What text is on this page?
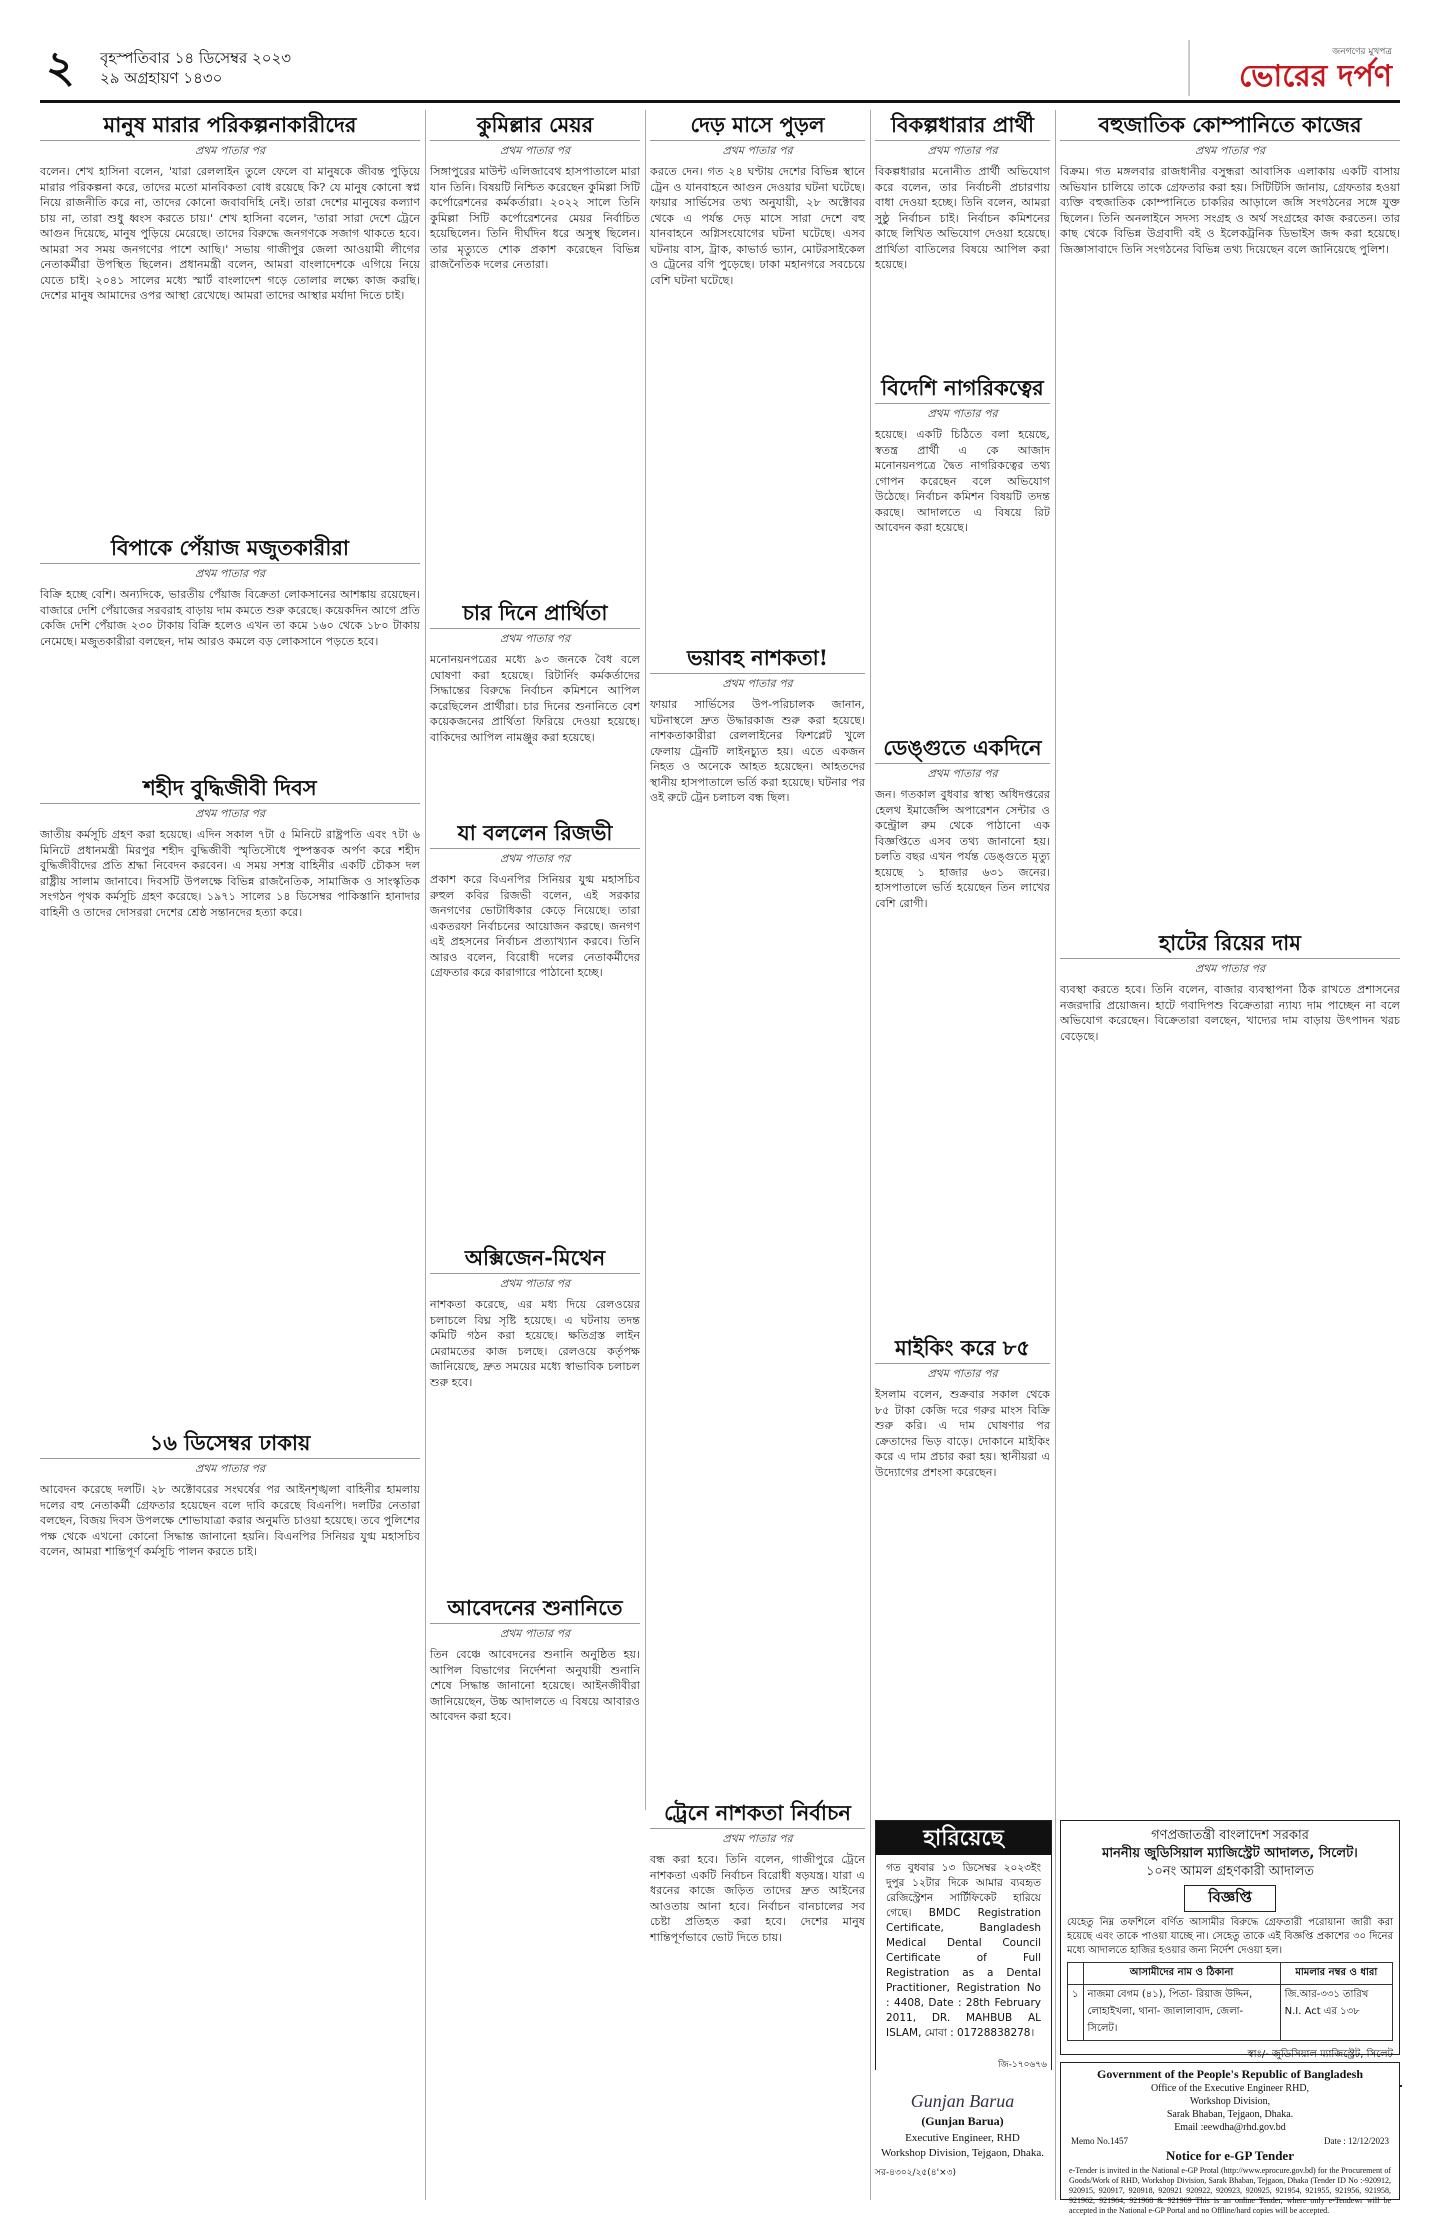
২ বৃহস্পতিবার ১৪ ডিসেম্বর ২০২৩
২৯ অগ্রহায়ণ ১৪৩০
জনগণের মুখপত্র
ভোরের দর্পণ
মানুষ মারার পরিকল্পনাকারীদের
প্রথম পাতার পর

বলেন। শেখ হাসিনা বলেন, 'যারা রেললাইন তুলে ফেলে বা মানুষকে জীবন্ত পুড়িয়ে মারার পরিকল্পনা করে, তাদের মতো মানবিকতা বোধ রয়েছে কি? যে মানুষ কোনো স্বপ্ন নিয়ে রাজনীতি করে না, তাদের কোনো জবাবদিহি নেই। তারা দেশের মানুষের কল্যাণ চায় না, তারা শুধু ধ্বংস করতে চায়।' শেখ হাসিনা বলেন, 'তারা সারা দেশে ট্রেনে আগুন দিয়েছে, মানুষ পুড়িয়ে মেরেছে। তাদের বিরুদ্ধে জনগণকে সজাগ থাকতে হবে। আমরা সব সময় জনগণের পাশে আছি।' সভায় গাজীপুর জেলা আওয়ামী লীগের নেতাকর্মীরা উপস্থিত ছিলেন। প্রধানমন্ত্রী বলেন, আমরা বাংলাদেশকে এগিয়ে নিয়ে যেতে চাই। ২০৪১ সালের মধ্যে স্মার্ট বাংলাদেশ গড়ে তোলার লক্ষ্যে কাজ করছি। দেশের মানুষ আমাদের ওপর আস্থা রেখেছে। আমরা তাদের আস্থার মর্যাদা দিতে চাই।

বিপাকে পেঁয়াজ মজুতকারীরা
প্রথম পাতার পর

বিক্রি হচ্ছে বেশি। অন্যদিকে, ভারতীয় পেঁয়াজ বিক্রেতা লোকসানের আশঙ্কায় রয়েছেন। বাজারে দেশি পেঁয়াজের সরবরাহ বাড়ায় দাম কমতে শুরু করেছে। কয়েকদিন আগে প্রতি কেজি দেশি পেঁয়াজ ২৩০ টাকায় বিক্রি হলেও এখন তা কমে ১৬০ থেকে ১৮০ টাকায় নেমেছে। মজুতকারীরা বলছেন, দাম আরও কমলে বড় লোকসানে পড়তে হবে।

শহীদ বুদ্ধিজীবী দিবস
প্রথম পাতার পর

জাতীয় কর্মসূচি গ্রহণ করা হয়েছে। এদিন সকাল ৭টা ৫ মিনিটে রাষ্ট্রপতি এবং ৭টা ৬ মিনিটে প্রধানমন্ত্রী মিরপুর শহীদ বুদ্ধিজীবী স্মৃতিসৌধে পুষ্পস্তবক অর্পণ করে শহীদ বুদ্ধিজীবীদের প্রতি শ্রদ্ধা নিবেদন করবেন। এ সময় সশস্ত্র বাহিনীর একটি চৌকস দল রাষ্ট্রীয় সালাম জানাবে। দিবসটি উপলক্ষে বিভিন্ন রাজনৈতিক, সামাজিক ও সাংস্কৃতিক সংগঠন পৃথক কর্মসূচি গ্রহণ করেছে। ১৯৭১ সালের ১৪ ডিসেম্বর পাকিস্তানি হানাদার বাহিনী ও তাদের দোসররা দেশের শ্রেষ্ঠ সন্তানদের হত্যা করে।

১৬ ডিসেম্বর ঢাকায়
প্রথম পাতার পর

আবেদন করেছে দলটি। ২৮ অক্টোবরের সংঘর্ষের পর আইনশৃঙ্খলা বাহিনীর হামলায় দলের বহু নেতাকর্মী গ্রেফতার হয়েছেন বলে দাবি করেছে বিএনপি। দলটির নেতারা বলছেন, বিজয় দিবস উপলক্ষে শোভাযাত্রা করার অনুমতি চাওয়া হয়েছে। তবে পুলিশের পক্ষ থেকে এখনো কোনো সিদ্ধান্ত জানানো হয়নি। বিএনপির সিনিয়র যুগ্ম মহাসচিব বলেন, আমরা শান্তিপূর্ণ কর্মসূচি পালন করতে চাই।

কুমিল্লার মেয়র
প্রথম পাতার পর

সিঙ্গাপুরের মাউন্ট এলিজাবেথ হাসপাতালে মারা যান তিনি। বিষয়টি নিশ্চিত করেছেন কুমিল্লা সিটি কর্পোরেশনের কর্মকর্তারা। ২০২২ সালে তিনি কুমিল্লা সিটি কর্পোরেশনের মেয়র নির্বাচিত হয়েছিলেন। তিনি দীর্ঘদিন ধরে অসুস্থ ছিলেন। তার মৃত্যুতে শোক প্রকাশ করেছেন বিভিন্ন রাজনৈতিক দলের নেতারা।

চার দিনে প্রার্থিতা
প্রথম পাতার পর

মনোনয়নপত্রের মধ্যে ৯৩ জনকে বৈধ বলে ঘোষণা করা হয়েছে। রিটার্নিং কর্মকর্তাদের সিদ্ধান্তের বিরুদ্ধে নির্বাচন কমিশনে আপিল করেছিলেন প্রার্থীরা। চার দিনের শুনানিতে বেশ কয়েকজনের প্রার্থিতা ফিরিয়ে দেওয়া হয়েছে। বাকিদের আপিল নামঞ্জুর করা হয়েছে।

যা বললেন রিজভী
প্রথম পাতার পর

প্রকাশ করে বিএনপির সিনিয়র যুগ্ম মহাসচিব রুহুল কবির রিজভী বলেন, এই সরকার জনগণের ভোটাধিকার কেড়ে নিয়েছে। তারা একতরফা নির্বাচনের আয়োজন করছে। জনগণ এই প্রহসনের নির্বাচন প্রত্যাখ্যান করবে। তিনি আরও বলেন, বিরোধী দলের নেতাকর্মীদের গ্রেফতার করে কারাগারে পাঠানো হচ্ছে।

অক্সিজেন-মিথেন
প্রথম পাতার পর

নাশকতা করেছে, এর মধ্য দিয়ে রেলওয়ের চলাচলে বিঘ্ন সৃষ্টি হয়েছে। এ ঘটনায় তদন্ত কমিটি গঠন করা হয়েছে। ক্ষতিগ্রস্ত লাইন মেরামতের কাজ চলছে। রেলওয়ে কর্তৃপক্ষ জানিয়েছে, দ্রুত সময়ের মধ্যে স্বাভাবিক চলাচল শুরু হবে।

আবেদনের শুনানিতে
প্রথম পাতার পর

তিন বেঞ্চে আবেদনের শুনানি অনুষ্ঠিত হয়। আপিল বিভাগের নির্দেশনা অনুযায়ী শুনানি শেষে সিদ্ধান্ত জানানো হয়েছে। আইনজীবীরা জানিয়েছেন, উচ্চ আদালতে এ বিষয়ে আবারও আবেদন করা হবে।

দেড় মাসে পুড়ল
প্রথম পাতার পর

করতে দেন। গত ২৪ ঘণ্টায় দেশের বিভিন্ন স্থানে ট্রেন ও যানবাহনে আগুন দেওয়ার ঘটনা ঘটেছে। ফায়ার সার্ভিসের তথ্য অনুযায়ী, ২৮ অক্টোবর থেকে এ পর্যন্ত দেড় মাসে সারা দেশে বহু যানবাহনে অগ্নিসংযোগের ঘটনা ঘটেছে। এসব ঘটনায় বাস, ট্রাক, কাভার্ড ভ্যান, মোটরসাইকেল ও ট্রেনের বগি পুড়েছে। ঢাকা মহানগরে সবচেয়ে বেশি ঘটনা ঘটেছে।

ভয়াবহ নাশকতা!
প্রথম পাতার পর

ফায়ার সার্ভিসের উপ-পরিচালক জানান, ঘটনাস্থলে দ্রুত উদ্ধারকাজ শুরু করা হয়েছে। নাশকতাকারীরা রেললাইনের ফিশপ্লেট খুলে ফেলায় ট্রেনটি লাইনচ্যুত হয়। এতে একজন নিহত ও অনেকে আহত হয়েছেন। আহতদের স্থানীয় হাসপাতালে ভর্তি করা হয়েছে। ঘটনার পর ওই রুটে ট্রেন চলাচল বন্ধ ছিল।

ট্রেনে নাশকতা নির্বাচন
প্রথম পাতার পর

বন্ধ করা হবে। তিনি বলেন, গাজীপুরে ট্রেনে নাশকতা একটি নির্বাচন বিরোধী ষড়যন্ত্র। যারা এ ধরনের কাজে জড়িত তাদের দ্রুত আইনের আওতায় আনা হবে। নির্বাচন বানচালের সব চেষ্টা প্রতিহত করা হবে। দেশের মানুষ শান্তিপূর্ণভাবে ভোট দিতে চায়।

বিকল্পধারার প্রার্থী
প্রথম পাতার পর

বিকল্পধারার মনোনীত প্রার্থী অভিযোগ করে বলেন, তার নির্বাচনী প্রচারণায় বাধা দেওয়া হচ্ছে। তিনি বলেন, আমরা সুষ্ঠু নির্বাচন চাই। নির্বাচন কমিশনের কাছে লিখিত অভিযোগ দেওয়া হয়েছে। প্রার্থিতা বাতিলের বিষয়ে আপিল করা হয়েছে।

বিদেশি নাগরিকত্বের
প্রথম পাতার পর

হয়েছে। একটি চিঠিতে বলা হয়েছে, স্বতন্ত্র প্রার্থী এ কে আজাদ মনোনয়নপত্রে দ্বৈত নাগরিকত্বের তথ্য গোপন করেছেন বলে অভিযোগ উঠেছে। নির্বাচন কমিশন বিষয়টি তদন্ত করছে। আদালতে এ বিষয়ে রিট আবেদন করা হয়েছে।

ডেঙ্গুতে একদিনে
প্রথম পাতার পর

জন। গতকাল বুধবার স্বাস্থ্য অধিদপ্তরের হেলথ ইমার্জেন্সি অপারেশন সেন্টার ও কন্ট্রোল রুম থেকে পাঠানো এক বিজ্ঞপ্তিতে এসব তথ্য জানানো হয়। চলতি বছর এখন পর্যন্ত ডেঙ্গুতে মৃত্যু হয়েছে ১ হাজার ৬৩১ জনের। হাসপাতালে ভর্তি হয়েছেন তিন লাখের বেশি রোগী।

মাইকিং করে ৮৫
প্রথম পাতার পর

ইসলাম বলেন, শুক্রবার সকাল থেকে ৮৫ টাকা কেজি দরে গরুর মাংস বিক্রি শুরু করি। এ দাম ঘোষণার পর ক্রেতাদের ভিড় বাড়ে। দোকানে মাইকিং করে এ দাম প্রচার করা হয়। স্থানীয়রা এ উদ্যোগের প্রশংসা করেছেন।

বহুজাতিক কোম্পানিতে কাজের
প্রথম পাতার পর

বিক্রম। গত মঙ্গলবার রাজধানীর বসুন্ধরা আবাসিক এলাকায় একটি বাসায় অভিযান চালিয়ে তাকে গ্রেফতার করা হয়। সিটিটিসি জানায়, গ্রেফতার হওয়া ব্যক্তি বহুজাতিক কোম্পানিতে চাকরির আড়ালে জঙ্গি সংগঠনের সঙ্গে যুক্ত ছিলেন। তিনি অনলাইনে সদস্য সংগ্রহ ও অর্থ সংগ্রহের কাজ করতেন। তার কাছ থেকে বিভিন্ন উগ্রবাদী বই ও ইলেকট্রনিক ডিভাইস জব্দ করা হয়েছে। জিজ্ঞাসাবাদে তিনি সংগঠনের বিভিন্ন তথ্য দিয়েছেন বলে জানিয়েছে পুলিশ।

হাটের রিয়ের দাম
প্রথম পাতার পর

ব্যবস্থা করতে হবে। তিনি বলেন, বাজার ব্যবস্থাপনা ঠিক রাখতে প্রশাসনের নজরদারি প্রয়োজন। হাটে গবাদিপশু বিক্রেতারা ন্যায্য দাম পাচ্ছেন না বলে অভিযোগ করেছেন। বিক্রেতারা বলছেন, খাদ্যের দাম বাড়ায় উৎপাদন খরচ বেড়েছে।

হারিয়েছে
গত বুধবার ১৩ ডিসেম্বর ২০২৩ইং দুপুর ১২টার দিকে আমার ব্যবহৃত রেজিস্ট্রেশন সার্টিফিকেট হারিয়ে গেছে। BMDC Registration Certificate, Bangladesh Medical Dental Council Certificate of Full Registration as a Dental Practitioner, Registration No : 4408, Date : 28th February 2011, DR. MAHBUB AL ISLAM, মোবা : 01728838278।
জি-১৭০৬৭৬
গণপ্রজাতন্ত্রী বাংলাদেশ সরকার
মাননীয় জুডিসিয়াল ম্যাজিস্ট্রেট আদালত, সিলেট।
১০নং আমল গ্রহণকারী আদালত
বিজ্ঞপ্তি
যেহেতু নিম্ন তফশিলে বর্ণিত আসামীর বিরুদ্ধে গ্রেফতারী পরোয়ানা জারী করা হয়েছে এবং তাকে পাওয়া যাচ্ছে না। সেহেতু তাকে এই বিজ্ঞপ্তি প্রকাশের ৩০ দিনের মধ্যে আদালতে হাজির হওয়ার জন্য নির্দেশ দেওয়া হল।
	আসামীদের নাম ও ঠিকানা	মামলার নম্বর ও ধারা
১	নাজমা বেগম (৪১), পিতা- রিয়াজ উদ্দিন, লোহাইখলা, থানা- জালালাবাদ, জেলা- সিলেট।	জি.আর-৩৩১ তারিখ N.I. Act এর ১৩৮
স্বাঃ/- জুডিসিয়াল ম্যাজিস্ট্রেট, সিলেট
Government of the People's Republic of Bangladesh
Office of the Executive Engineer RHD,
Workshop Division,
Sarak Bhaban, Tejgaon, Dhaka.
Email :eewdha@rhd.gov.bd
Memo No.1457	Date : 12/12/2023
Notice for e-GP Tender
e-Tender is invited in the National e-GP Protal (http://www.eprocure.gov.bd) for the Procurement of Goods/Work of RHD, Workshop Division, Sarak Bhaban, Tejgaon, Dhaka (Tender ID No :-920912, 920915, 920917, 920918, 920921 920922, 920923, 920925, 921954, 921955, 921956, 921958, 921962, 921964, 921968 & 921969 This is an online Tender, where only e-Tendewr will be accepted in the National e-GP Portal and no Offline/hard copies will be accepted.
Gunjan Barua
(Gunjan Barua)
Executive Engineer, RHD
Workshop Division, Tejgaon, Dhaka.
সর-৪৩০২/২৫(৪'×৩)
